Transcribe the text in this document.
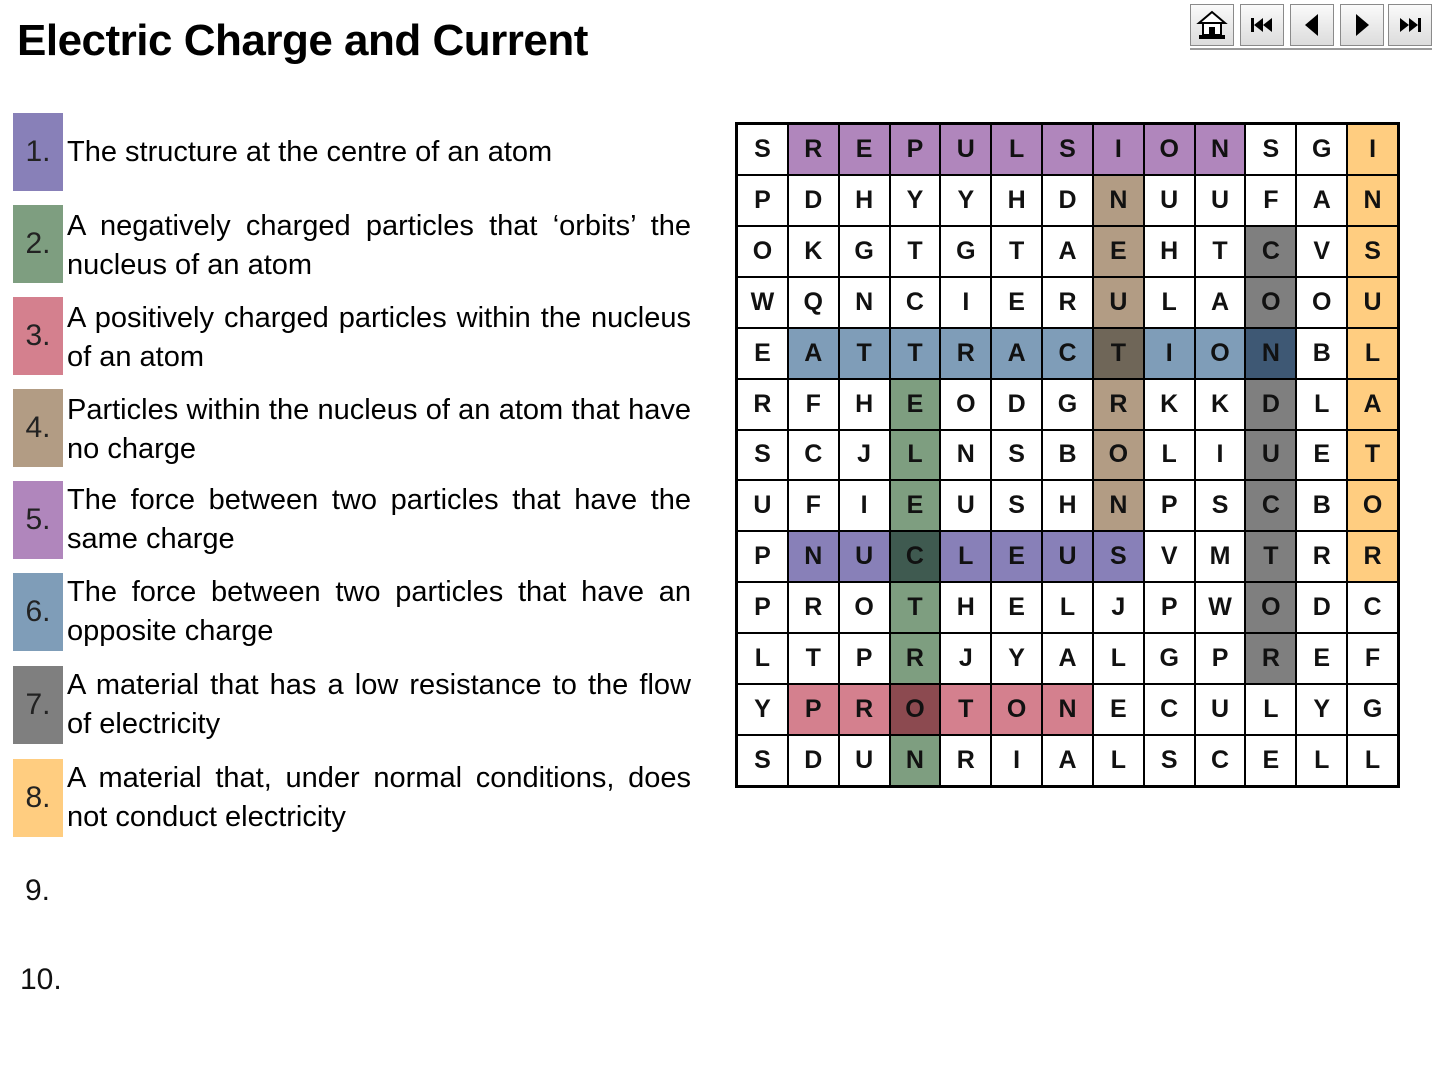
Electric Charge and Current
1. The structure at the centre of an atom
2.
A negatively charged particles that ‘orbits’ the nucleus of an atom
3.
A positively charged particles within the nucleus of an atom
4.
Particles within the nucleus of an atom that have no charge
5.
The force between two particles that have the same charge
6.
The force between two particles that have an opposite charge
7.
A material that has a low resistance to the flow of electricity
8.
A material that, under normal conditions, does not conduct electricity
9.
10.
S	R	E	P	U	L	S	I	O	N	S	G	I
P	D	H	Y	Y	H	D	N	U	U	F	A	N
O	K	G	T	G	T	A	E	H	T	C	V	S
W	Q	N	C	I	E	R	U	L	A	O	O	U
E	A	T	T	R	A	C	T	I	O	N	B	L
R	F	H	E	O	D	G	R	K	K	D	L	A
S	C	J	L	N	S	B	O	L	I	U	E	T
U	F	I	E	U	S	H	N	P	S	C	B	O
P	N	U	C	L	E	U	S	V	M	T	R	R
P	R	O	T	H	E	L	J	P	W	O	D	C
L	T	P	R	J	Y	A	L	G	P	R	E	F
Y	P	R	O	T	O	N	E	C	U	L	Y	G
S	D	U	N	R	I	A	L	S	C	E	L	L
